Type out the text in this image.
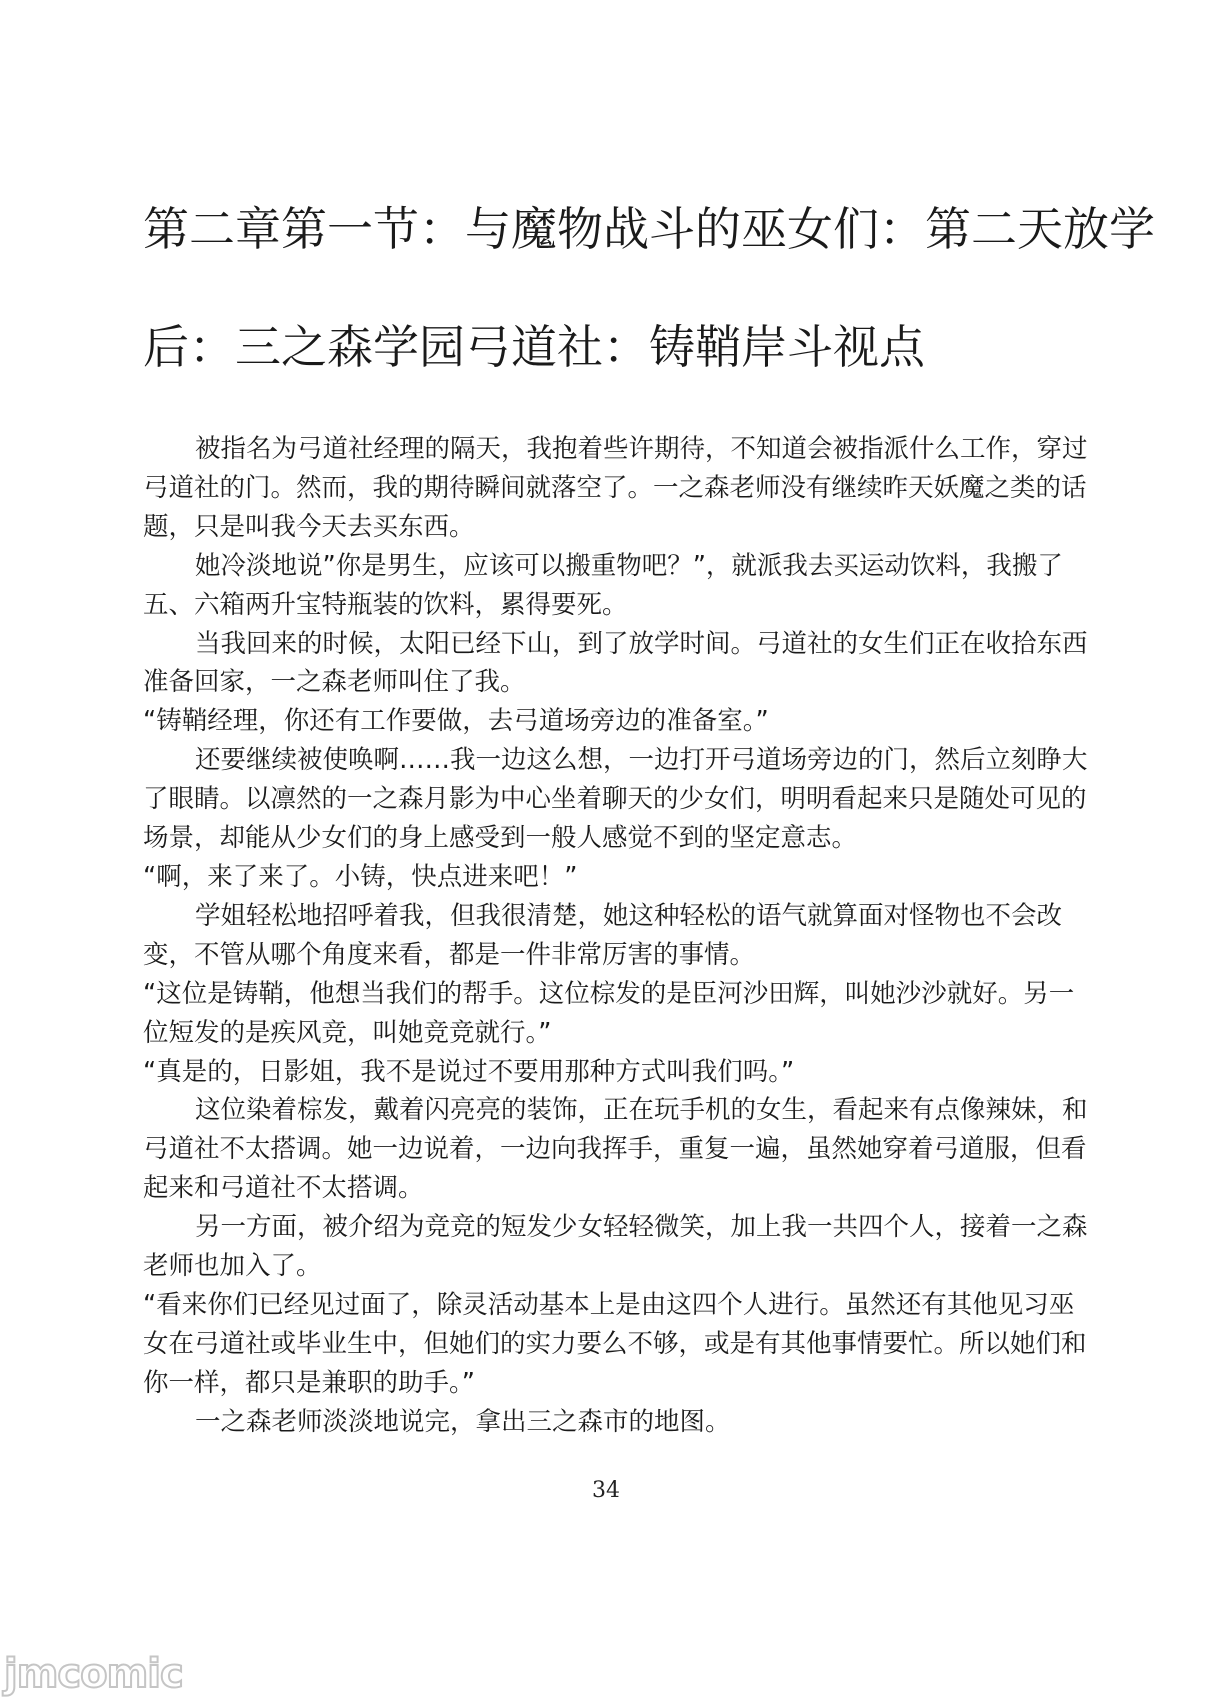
第二章第一节：与魔物战斗的巫女们：第二天放学
后：三之森学园弓道社：铸鞘岸斗视点

被指名为弓道社经理的隔天，我抱着些许期待，不知道会被指派什么工作，穿过弓道社的门。然而，我的期待瞬间就落空了。一之森老师没有继续昨天妖魔之类的话题，只是叫我今天去买东西。

她冷淡地说”你是男生，应该可以搬重物吧？”，就派我去买运动饮料，我搬了五、六箱两升宝特瓶装的饮料，累得要死。

当我回来的时候，太阳已经下山，到了放学时间。弓道社的女生们正在收拾东西准备回家，一之森老师叫住了我。

“铸鞘经理，你还有工作要做，去弓道场旁边的准备室。”

还要继续被使唤啊……我一边这么想，一边打开弓道场旁边的门，然后立刻睁大了眼睛。以凛然的一之森月影为中心坐着聊天的少女们，明明看起来只是随处可见的场景，却能从少女们的身上感受到一般人感觉不到的坚定意志。

“啊，来了来了。小铸，快点进来吧！”

学姐轻松地招呼着我，但我很清楚，她这种轻松的语气就算面对怪物也不会改变，不管从哪个角度来看，都是一件非常厉害的事情。

“这位是铸鞘，他想当我们的帮手。这位棕发的是臣河沙田辉，叫她沙沙就好。另一位短发的是疾风竞，叫她竞竞就行。”

“真是的，日影姐，我不是说过不要用那种方式叫我们吗。”

这位染着棕发，戴着闪亮亮的装饰，正在玩手机的女生，看起来有点像辣妹，和弓道社不太搭调。她一边说着，一边向我挥手，重复一遍，虽然她穿着弓道服，但看起来和弓道社不太搭调。

另一方面，被介绍为竞竞的短发少女轻轻微笑，加上我一共四个人，接着一之森老师也加入了。

“看来你们已经见过面了，除灵活动基本上是由这四个人进行。虽然还有其他见习巫女在弓道社或毕业生中，但她们的实力要么不够，或是有其他事情要忙。所以她们和你一样，都只是兼职的助手。”

一之森老师淡淡地说完，拿出三之森市的地图。

34
jmcomic
